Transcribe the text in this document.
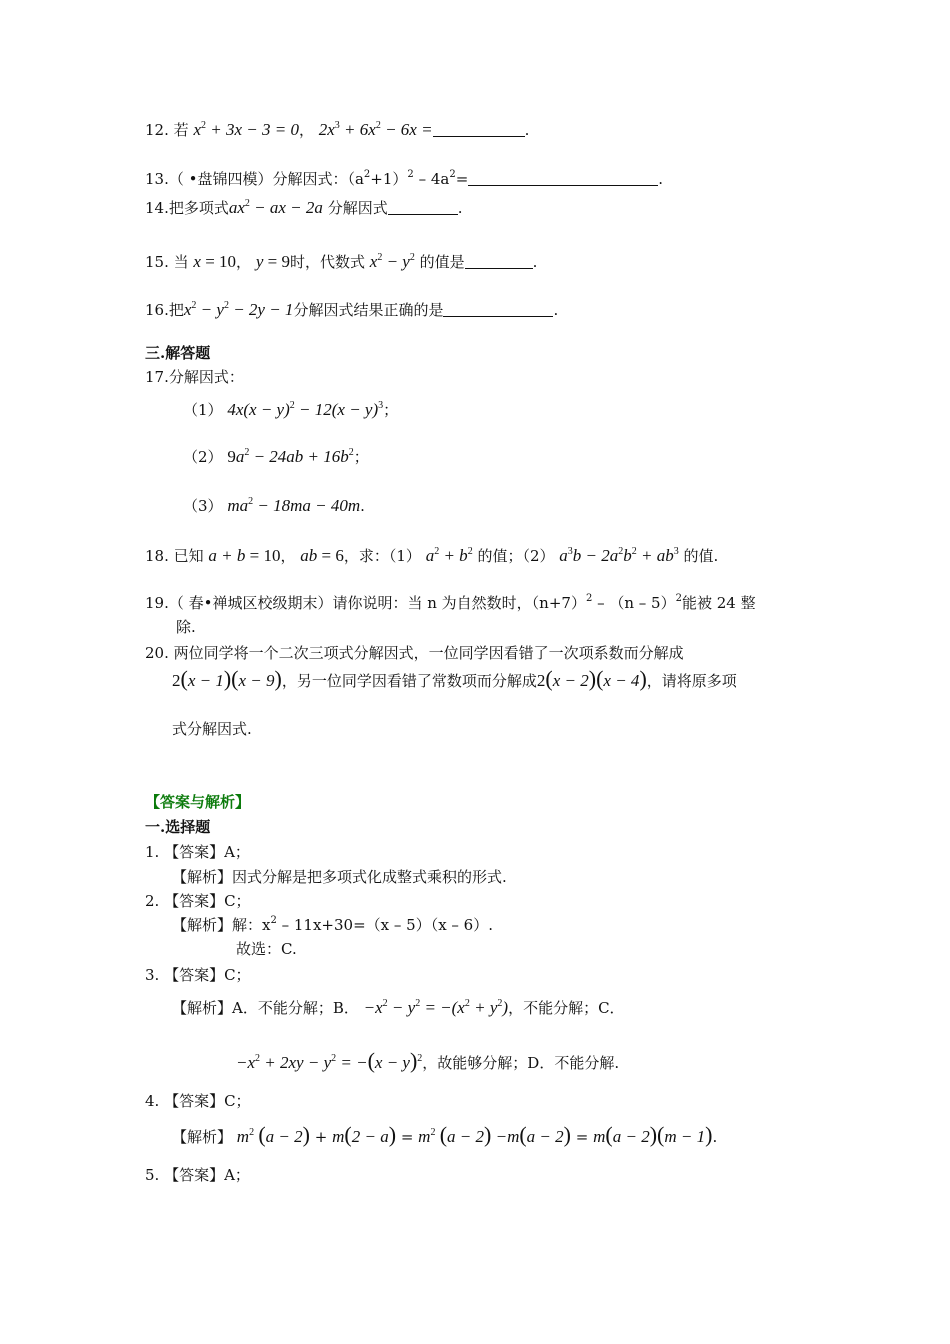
12. 若 $x^2 + 3x - 3 = 0$， $2x^3 + 6x^2 - 6x$ =	.
13.（ •盘锦四模）分解因式：$(a^2+1)^2 - 4a^2=$	.
14.把多项式$ax^2$ − ax − 2a 分解因式	.
15. 当 x = 10， y = 9时，代数式 $x^2 - y^2$ 的值是	.
16.把$x^2 - y^2 - 2y - 1$分解因式结果正确的是	.
三.解答题
17.分解因式：
（1） $4x(x - y)^2 - 12(x - y)^3$；
（2） $9a^2 - 24ab + 16b^2$；
（3） $ma^2 - 18ma - 40m$.
18. 已知 a + b = 10， ab = 6，求：（1） $a^2 + b^2$ 的值；（2） $a^3b - 2a^2b^2 + ab^3$ 的值.
19.（ 春•禅城区校级期末）请你说明：当 n 为自然数时，$(n+7)^2 - (n - 5)^2$能被 24 整
除.
20. 两位同学将一个二次三项式分解因式，一位同学因看错了一次项系数而分解成
2(x − 1)(x − 9)，另一位同学因看错了常数项而分解成2(x − 2)(x − 4)，请将原多项
式分解因式.
【答案与解析】
一.选择题
1. 【答案】A；
【解析】因式分解是把多项式化成整式乘积的形式.
2. 【答案】C；
【解析】解：$x^2 - 11x+30=(x - 5)(x - 6)$.
故选：C.
3. 【答案】C；
【解析】A．不能分解；B． $-x^2 - y^2 = -(x^2 + y^2)$，不能分解；C．
$-x^2 + 2xy - y^2 = -(x - y)^2$，故能够分解；D．不能分解.
4. 【答案】C；
【解析】 $m^2$ $(a - 2) + m(2 - a) = m^2$ (a − 2) −m(a − 2) = m(a − 2)(m − 1).
5. 【答案】A；
